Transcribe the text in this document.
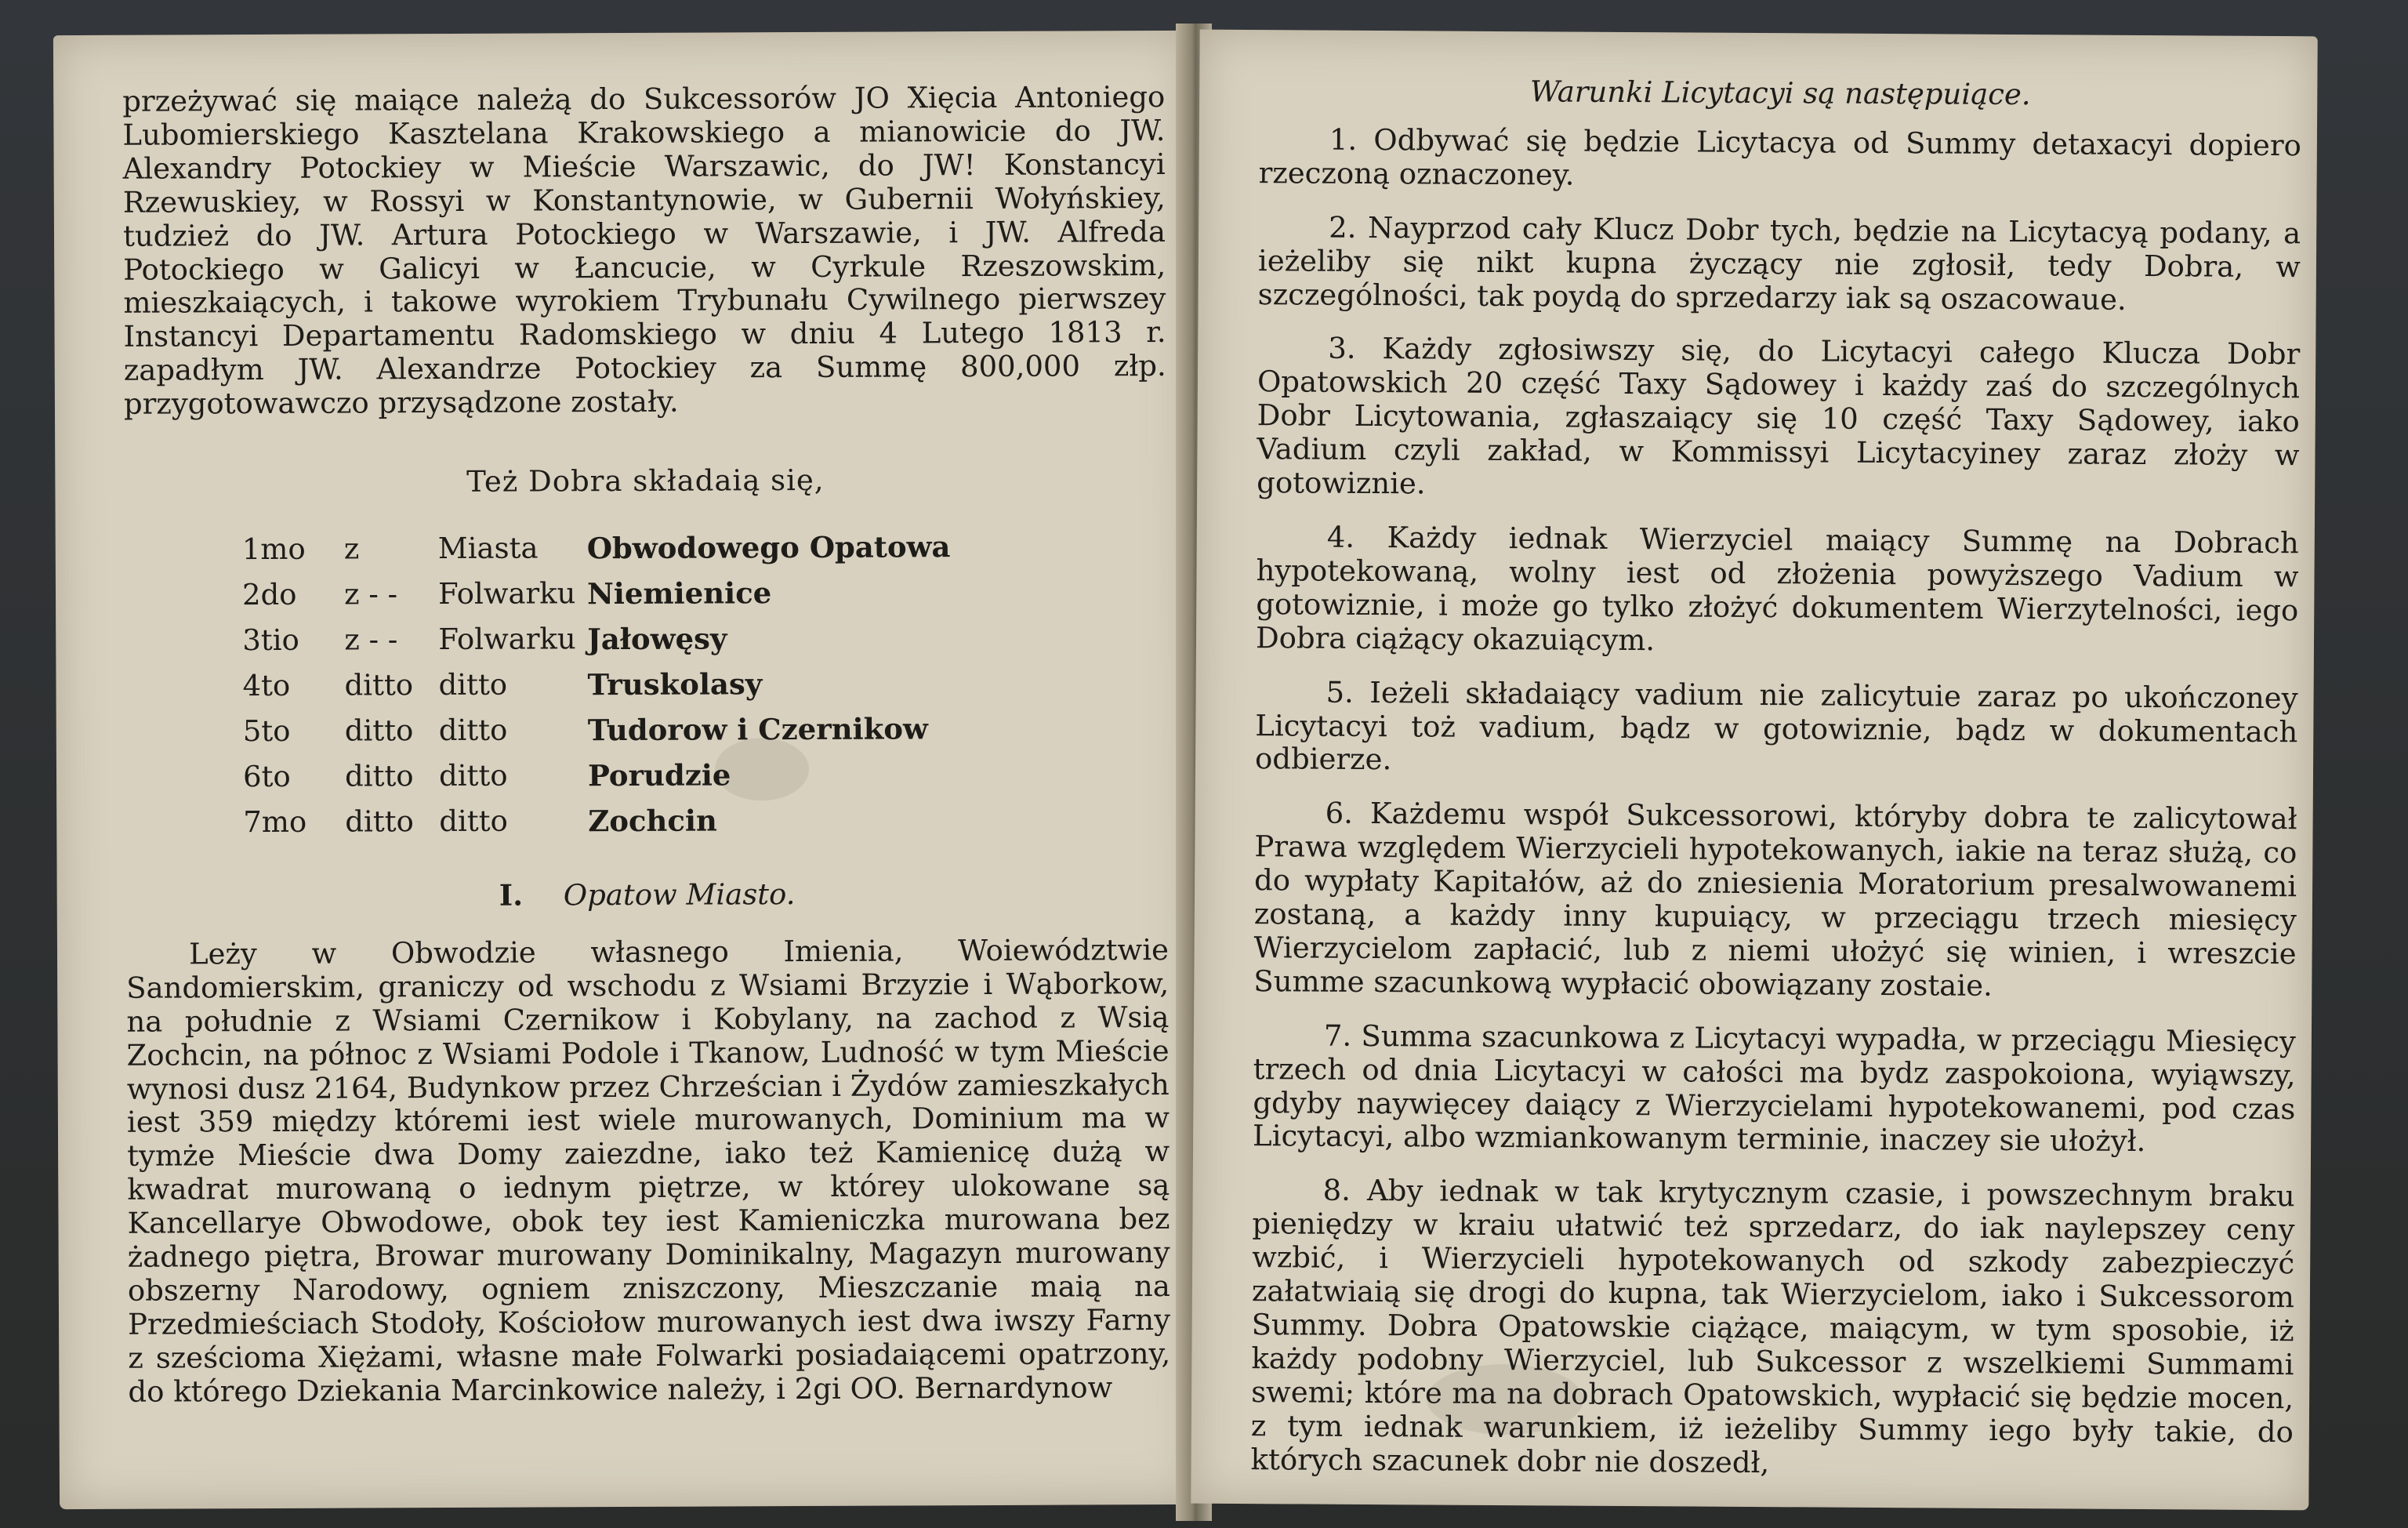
przeżywać się maiące należą do Sukcessorów JO Xięcia Antoniego Lubomierskiego Kasztelana Krakowskiego a mianowicie do JW. Alexandry Potockiey w Mieście Warszawic, do JW! Konstancyi Rzewuskiey, w Rossyi w Konstantynowie, w Gubernii Wołyńskiey, tudzież do JW. Artura Potockiego w Warszawie, i JW. Alfreda Potockiego w Galicyi w Łancucie, w Cyrkule Rzeszowskim, mieszkaiących, i takowe wyrokiem Trybunału Cywilnego pierwszey Instancyi Departamentu Radomskiego w dniu 4 Lutego 1813 r. zapadłym JW. Alexandrze Potockiey za Summę 800,000 złp. przygotowawczo przysądzone zostały.

Też Dobra składaią się,
1mo	z	Miasta	Obwodowego Opatowa
2do	z - -	Folwarku Niemienice
3tio	z - -	Folwarku Jałowęsy
4to	ditto ditto	Truskolasy
5to	ditto ditto	Tudorow i Czernikow
6to	ditto ditto	Porudzie
7mo	ditto ditto	Zochcin
I. Opatow Miasto.

Leży w Obwodzie własnego Imienia, Woiewództwie Sandomierskim, graniczy od wschodu z Wsiami Brzyzie i Wąborkow, na południe z Wsiami Czernikow i Kobylany, na zachod z Wsią Zochcin, na północ z Wsiami Podole i Tkanow, Ludność w tym Mieście wynosi dusz 2164, Budynkow przez Chrześcian i Żydów zamieszkałych iest 359 między któremi iest wiele murowanych, Dominium ma w tymże Mieście dwa Domy zaiezdne, iako też Kamienicę dużą w kwadrat murowaną o iednym piętrze, w którey ulokowane są Kancellarye Obwodowe, obok tey iest Kamieniczka murowana bez żadnego piętra, Browar murowany Dominikalny, Magazyn murowany obszerny Narodowy, ogniem zniszczony, Mieszczanie maią na Przedmieściach Stodoły, Kościołow murowanych iest dwa iwszy Farny z sześcioma Xiężami, własne małe Folwarki posiadaiącemi opatrzony, do którego Dziekania Marcinkowice należy, i 2gi OO. Bernardynow

Warunki Licytacyi są następuiące.

1. Odbywać się będzie Licytacya od Summy detaxacyi dopiero rzeczoną oznaczoney.

2. Nayprzod cały Klucz Dobr tych, będzie na Licytacyą podany, a ieżeliby się nikt kupna życzący nie zgłosił, tedy Dobra, w szczególności, tak poydą do sprzedarzy iak są oszacowaue.

3. Każdy zgłosiwszy się, do Licytacyi całego Klucza Dobr Opatowskich 20 część Taxy Sądowey i każdy zaś do szczególnych Dobr Licytowania, zgłaszaiący się 10 część Taxy Sądowey, iako Vadium czyli zakład, w Kommissyi Licytacyiney zaraz złoży w gotowiznie.

4. Każdy iednak Wierzyciel maiący Summę na Dobrach hypotekowaną, wolny iest od złożenia powyższego Vadium w gotowiznie, i może go tylko złożyć dokumentem Wierzytelności, iego Dobra ciążący okazuiącym.

5. Ieżeli składaiący vadium nie zalicytuie zaraz po ukończoney Licytacyi toż vadium, bądz w gotowiznie, bądz w dokumentach odbierze.

6. Każdemu współ Sukcessorowi, któryby dobra te zalicytował Prawa względem Wierzycieli hypotekowanych, iakie na teraz służą, co do wypłaty Kapitałów, aż do zniesienia Moratorium presalwowanemi zostaną, a każdy inny kupuiący, w przeciągu trzech miesięcy Wierzycielom zapłacić, lub z niemi ułożyć się winien, i wreszcie Summe szacunkową wypłacić obowiązany zostaie.

7. Summa szacunkowa z Licytacyi wypadła, w przeciągu Miesięcy trzech od dnia Licytacyi w całości ma bydz zaspokoiona, wyiąwszy, gdyby naywięcey daiący z Wierzycielami hypotekowanemi, pod czas Licytacyi, albo wzmiankowanym terminie, inaczey sie ułożył.

8. Aby iednak w tak krytycznym czasie, i powszechnym braku pieniędzy w kraiu ułatwić też sprzedarz, do iak naylepszey ceny wzbić, i Wierzycieli hypotekowanych od szkody zabezpieczyć załatwiaią się drogi do kupna, tak Wierzycielom, iako i Sukcessorom Summy. Dobra Opatowskie ciążące, maiącym, w tym sposobie, iż każdy podobny Wierzyciel, lub Sukcessor z wszelkiemi Summami swemi; które ma na dobrach Opatowskich, wypłacić się będzie mocen, z tym iednak warunkiem, iż ieżeliby Summy iego były takie, do których szacunek dobr nie doszedł,
